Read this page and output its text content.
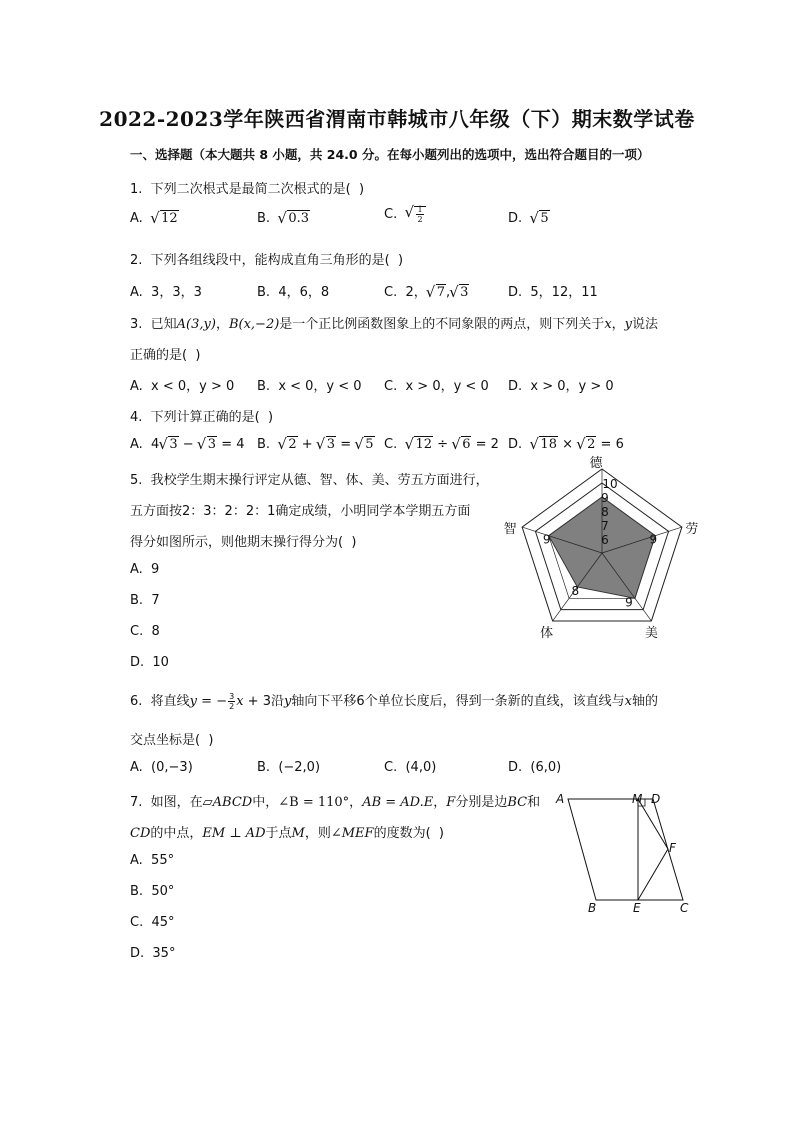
2022-2023学年陕西省渭南市韩城市八年级（下）期末数学试卷
一、选择题（本大题共 8 小题，共 24.0 分。在每小题列出的选项中，选出符合题目的一项）
1.  下列二次根式是最简二次根式的是(  )
A. √ 12	B. √ 0.3	C. √ $\frac{1}{2}$	D. √ 5
2.  下列各组线段中，能构成直角三角形的是(  )
A.  3，3，3	B.  4，6，8	C.  2， √ 7, √ 3	D.  5，12，11
3.  已知A(3,y)，B(x,−2)是一个正比例函数图象上的不同象限的两点，则下列关于x，y说法
正确的是(  )
A.  x < 0，y > 0 B.  x < 0，y < 0 C.  x > 0，y < 0 D.  x > 0，y > 0
4.  下列计算正确的是(  )
A.  4 √ 3 − √ 3 = 4 B.  √ 2 + √ 3 = √ 5 C.  √ 12 ÷ √ 6 = 2 D.  √ 18 × √ 2 = 6
5.  我校学生期末操行评定从德、智、体、美、劳五方面进行，
五方面按2：3：2：2：1确定成绩，小明同学本学期五方面
得分如图所示，则他期末操行得分为(  )
A.  9
B.  7
C.  8
D.  10
德
劳
美
体
智
10
9
8
7
6	9
9
8
9
6.  将直线y = − $\frac{3}{2}$ x + 3沿y轴向下平移6个单位长度后，得到一条新的直线，该直线与x轴的
交点坐标是(  )
A.  (0,−3)	B.  (−2,0)	C.  (4,0)	D.  (6,0)
7.  如图，在▱ABCD中，∠B = 110°，AB = AD.E，F分别是边BC和
CD的中点，EM ⊥ AD于点M，则∠MEF的度数为(  )
A.  55°
B.  50°
C.  45°
D.  35°
A	M D
F
B	E	C
